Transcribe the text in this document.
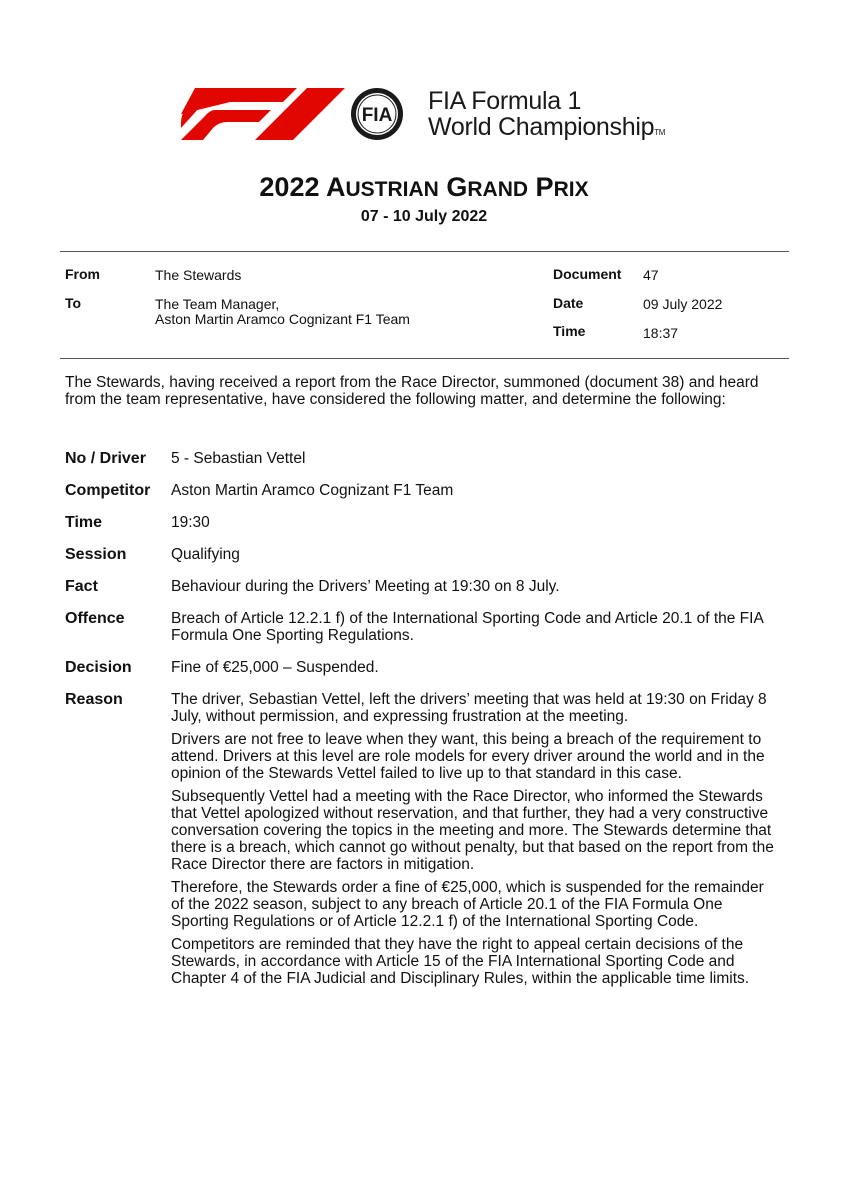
FIA
FIA Formula 1
World ChampionshipTM
2022 AUSTRIAN GRAND PRIX

07 - 10 July 2022

From	The Stewards
To	The Team Manager,
Aston Martin Aramco Cognizant F1 Team
Document 47
Date	09 July 2022
Time	18:37

The Stewards, having received a report from the Race Director, summoned (document 38) and heard from the team representative, have considered the following matter, and determine the following:

No / Driver	5 - Sebastian Vettel
Competitor	Aston Martin Aramco Cognizant F1 Team
Time	19:30
Session	Qualifying
Fact	Behaviour during the Drivers’ Meeting at 19:30 on 8 July.
Offence	Breach of Article 12.2.1 f) of the International Sporting Code and Article 20.1 of the FIA Formula One Sporting Regulations.
Decision	Fine of €25,000 – Suspended.
Reason	The driver, Sebastian Vettel, left the drivers’ meeting that was held at 19:30 on Friday 8 July, without permission, and expressing frustration at the meeting.

Drivers are not free to leave when they want, this being a breach of the requirement to attend. Drivers at this level are role models for every driver around the world and in the opinion of the Stewards Vettel failed to live up to that standard in this case.

Subsequently Vettel had a meeting with the Race Director, who informed the Stewards that Vettel apologized without reservation, and that further, they had a very constructive conversation covering the topics in the meeting and more. The Stewards determine that there is a breach, which cannot go without penalty, but that based on the report from the Race Director there are factors in mitigation.

Therefore, the Stewards order a fine of €25,000, which is suspended for the remainder of the 2022 season, subject to any breach of Article 20.1 of the FIA Formula One Sporting Regulations or of Article 12.2.1 f) of the International Sporting Code.

Competitors are reminded that they have the right to appeal certain decisions of the Stewards, in accordance with Article 15 of the FIA International Sporting Code and Chapter 4 of the FIA Judicial and Disciplinary Rules, within the applicable time limits.
